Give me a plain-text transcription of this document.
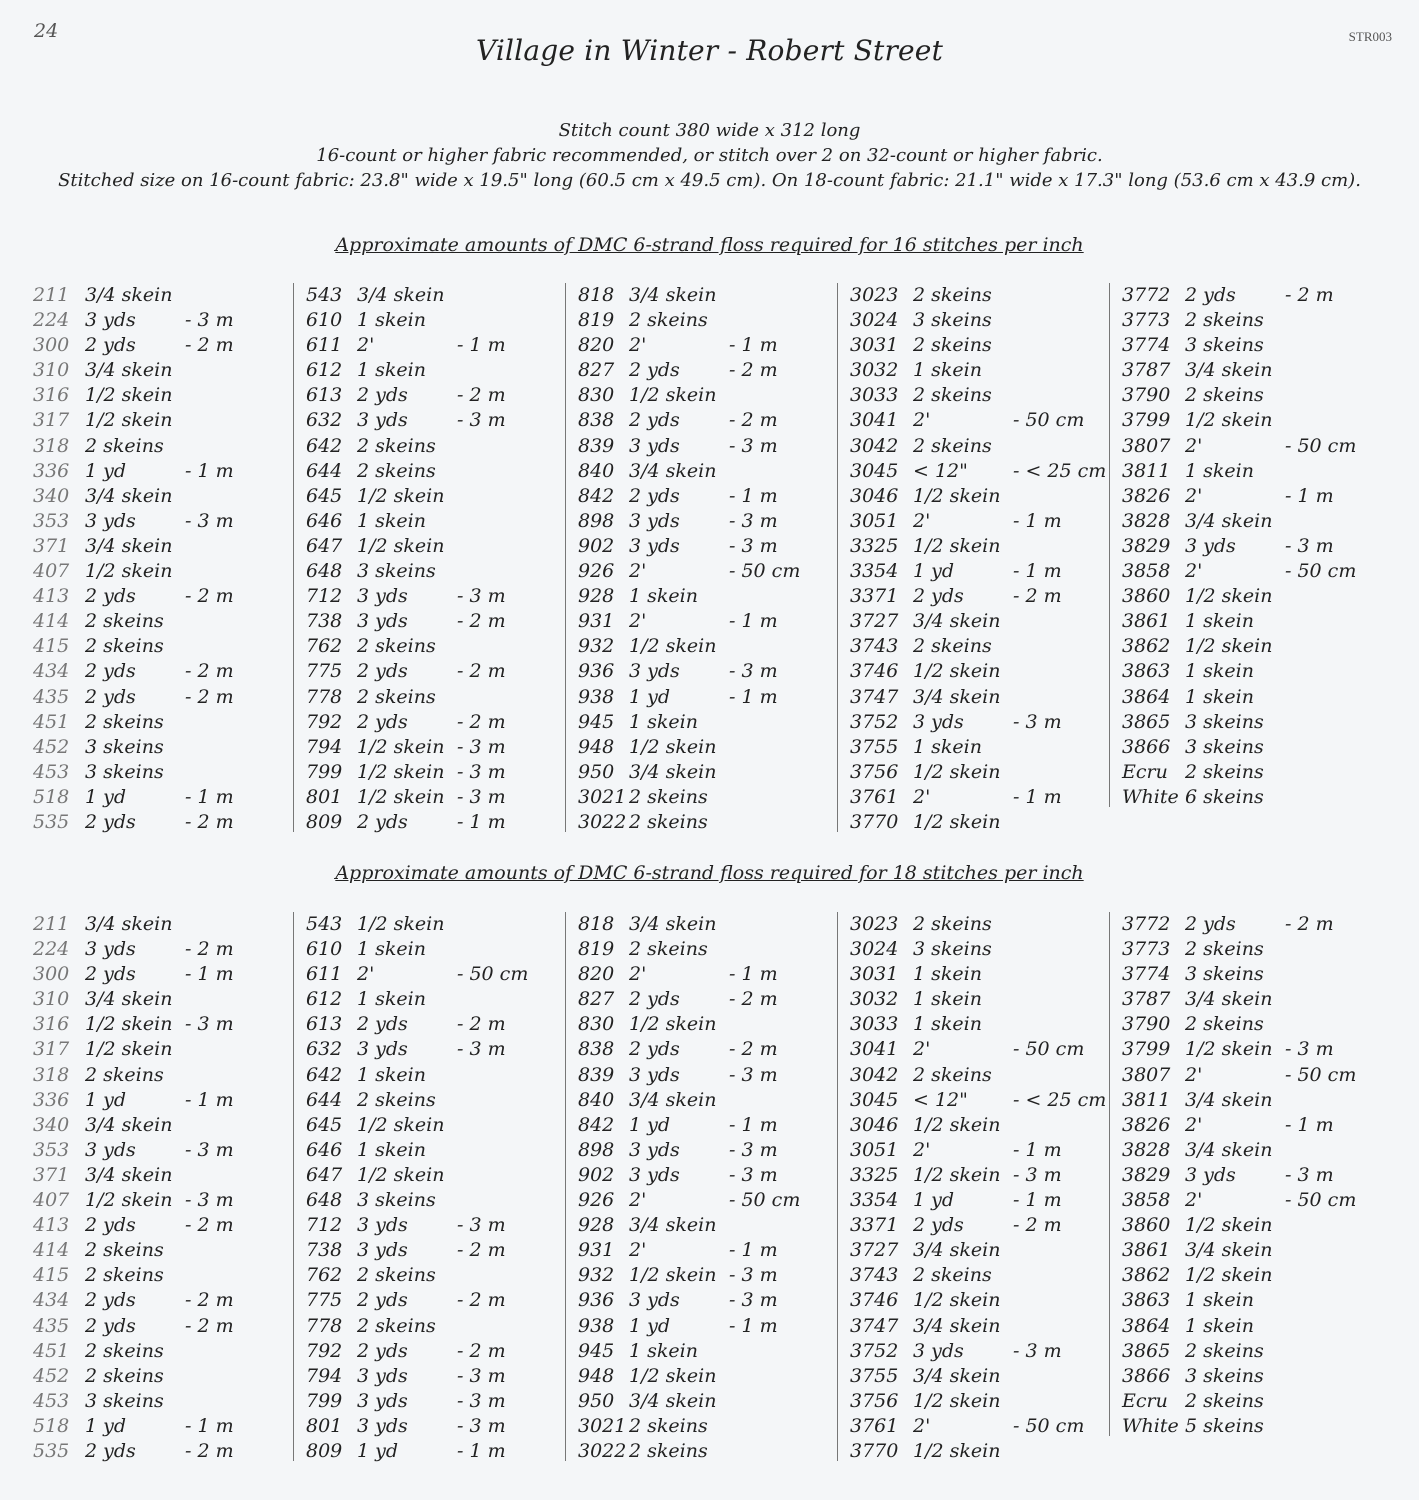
24	STR003
Village in Winter - Robert Street
Stitch count 380 wide x 312 long
16-count or higher fabric recommended, or stitch over 2 on 32-count or higher fabric.
Stitched size on 16-count fabric: 23.8" wide x 19.5" long (60.5 cm x 49.5 cm). On 18-count fabric: 21.1" wide x 17.3" long (53.6 cm x 43.9 cm).
Approximate amounts of DMC 6-strand floss required for 16 stitches per inch
211 3/4 skein
224 3 yds	- 3 m
300 2 yds	- 2 m
310 3/4 skein
316 1/2 skein
317 1/2 skein
318 2 skeins
336 1 yd	- 1 m
340 3/4 skein
353 3 yds	- 3 m
371 3/4 skein
407 1/2 skein
413 2 yds	- 2 m
414 2 skeins
415 2 skeins
434 2 yds	- 2 m
435 2 yds	- 2 m
451 2 skeins
452 3 skeins
453 3 skeins
518 1 yd	- 1 m
535 2 yds	- 2 m
543 3/4 skein
610 1 skein
611 2'	- 1 m
612 1 skein
613 2 yds	- 2 m
632 3 yds	- 3 m
642 2 skeins
644 2 skeins
645 1/2 skein
646 1 skein
647 1/2 skein
648 3 skeins
712 3 yds	- 3 m
738 3 yds	- 2 m
762 2 skeins
775 2 yds	- 2 m
778 2 skeins
792 2 yds	- 2 m
794 1/2 skein - 3 m
799 1/2 skein - 3 m
801 1/2 skein - 3 m
809 2 yds	- 1 m
818 3/4 skein
819 2 skeins
820 2'	- 1 m
827 2 yds	- 2 m
830 1/2 skein
838 2 yds	- 2 m
839 3 yds	- 3 m
840 3/4 skein
842 2 yds	- 1 m
898 3 yds	- 3 m
902 3 yds	- 3 m
926 2'	- 50 cm
928 1 skein
931 2'	- 1 m
932 1/2 skein
936 3 yds	- 3 m
938 1 yd	- 1 m
945 1 skein
948 1/2 skein
950 3/4 skein
3021 2 skeins
3022 2 skeins
3023 2 skeins
3024 3 skeins
3031 2 skeins
3032 1 skein
3033 2 skeins
3041 2'	- 50 cm
3042 2 skeins
3045 < 12" - < 25 cm
3046 1/2 skein
3051 2'	- 1 m
3325 1/2 skein
3354 1 yd	- 1 m
3371 2 yds	- 2 m
3727 3/4 skein
3743 2 skeins
3746 1/2 skein
3747 3/4 skein
3752 3 yds	- 3 m
3755 1 skein
3756 1/2 skein
3761 2'	- 1 m
3770 1/2 skein
3772 2 yds	- 2 m
3773 2 skeins
3774 3 skeins
3787 3/4 skein
3790 2 skeins
3799 1/2 skein
3807 2'	- 50 cm
3811 1 skein
3826 2'	- 1 m
3828 3/4 skein
3829 3 yds	- 3 m
3858 2'	- 50 cm
3860 1/2 skein
3861 1 skein
3862 1/2 skein
3863 1 skein
3864 1 skein
3865 3 skeins
3866 3 skeins
Ecru 2 skeins
White 6 skeins
Approximate amounts of DMC 6-strand floss required for 18 stitches per inch
211 3/4 skein
224 3 yds	- 2 m
300 2 yds	- 1 m
310 3/4 skein
316 1/2 skein - 3 m
317 1/2 skein
318 2 skeins
336 1 yd	- 1 m
340 3/4 skein
353 3 yds	- 3 m
371 3/4 skein
407 1/2 skein - 3 m
413 2 yds	- 2 m
414 2 skeins
415 2 skeins
434 2 yds	- 2 m
435 2 yds	- 2 m
451 2 skeins
452 2 skeins
453 3 skeins
518 1 yd	- 1 m
535 2 yds	- 2 m
543 1/2 skein
610 1 skein
611 2'	- 50 cm
612 1 skein
613 2 yds	- 2 m
632 3 yds	- 3 m
642 1 skein
644 2 skeins
645 1/2 skein
646 1 skein
647 1/2 skein
648 3 skeins
712 3 yds	- 3 m
738 3 yds	- 2 m
762 2 skeins
775 2 yds	- 2 m
778 2 skeins
792 2 yds	- 2 m
794 3 yds	- 3 m
799 3 yds	- 3 m
801 3 yds	- 3 m
809 1 yd	- 1 m
818 3/4 skein
819 2 skeins
820 2'	- 1 m
827 2 yds	- 2 m
830 1/2 skein
838 2 yds	- 2 m
839 3 yds	- 3 m
840 3/4 skein
842 1 yd	- 1 m
898 3 yds	- 3 m
902 3 yds	- 3 m
926 2'	- 50 cm
928 3/4 skein
931 2'	- 1 m
932 1/2 skein - 3 m
936 3 yds	- 3 m
938 1 yd	- 1 m
945 1 skein
948 1/2 skein
950 3/4 skein
3021 2 skeins
3022 2 skeins
3023 2 skeins
3024 3 skeins
3031 1 skein
3032 1 skein
3033 1 skein
3041 2'	- 50 cm
3042 2 skeins
3045 < 12" - < 25 cm
3046 1/2 skein
3051 2'	- 1 m
3325 1/2 skein - 3 m
3354 1 yd	- 1 m
3371 2 yds	- 2 m
3727 3/4 skein
3743 2 skeins
3746 1/2 skein
3747 3/4 skein
3752 3 yds	- 3 m
3755 3/4 skein
3756 1/2 skein
3761 2'	- 50 cm
3770 1/2 skein
3772 2 yds	- 2 m
3773 2 skeins
3774 3 skeins
3787 3/4 skein
3790 2 skeins
3799 1/2 skein - 3 m
3807 2'	- 50 cm
3811 3/4 skein
3826 2'	- 1 m
3828 3/4 skein
3829 3 yds	- 3 m
3858 2'	- 50 cm
3860 1/2 skein
3861 3/4 skein
3862 1/2 skein
3863 1 skein
3864 1 skein
3865 2 skeins
3866 3 skeins
Ecru 2 skeins
White 5 skeins
